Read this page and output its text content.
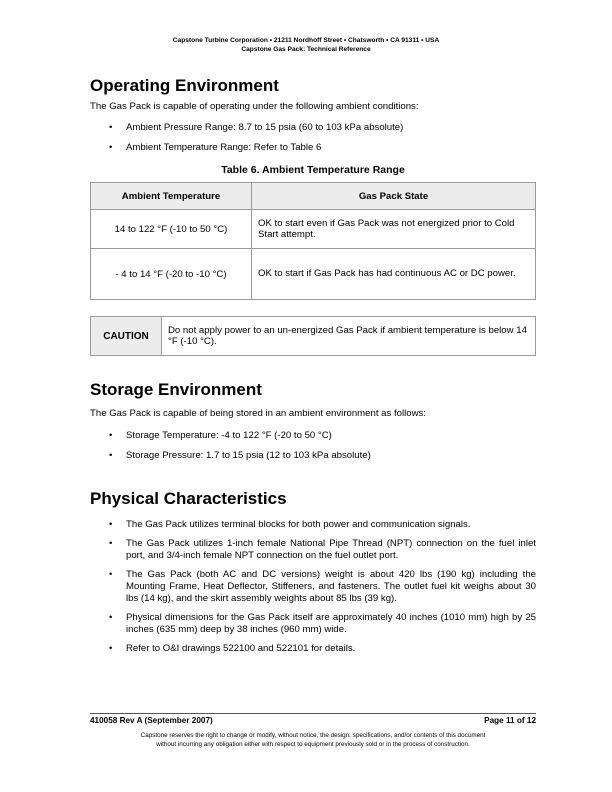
Capstone Turbine Corporation • 21211 Nordhoff Street • Chatsworth • CA 91311 • USA
Capstone Gas Pack: Technical Reference
Operating Environment

The Gas Pack is capable of operating under the following ambient conditions:

• Ambient Pressure Range: 8.7 to 15 psia (60 to 103 kPa absolute)
• Ambient Temperature Range: Refer to Table 6
Table 6. Ambient Temperature Range
Ambient Temperature	Gas Pack State
14 to 122 °F (-10 to 50 °C)	OK to start even if Gas Pack was not energized prior to Cold Start attempt.
- 4 to 14 °F (-20 to -10 °C)	OK to start if Gas Pack has had continuous AC or DC power.
CAUTION	Do not apply power to an un-energized Gas Pack if ambient temperature is below 14 °F (-10 °C).
Storage Environment

The Gas Pack is capable of being stored in an ambient environment as follows:

• Storage Temperature: -4 to 122 °F (-20 to 50 °C)
• Storage Pressure: 1.7 to 15 psia (12 to 103 kPa absolute)
Physical Characteristics
• The Gas Pack utilizes terminal blocks for both power and communication signals.
• The Gas Pack utilizes 1-inch female National Pipe Thread (NPT) connection on the fuel inlet port, and 3/4-inch female NPT connection on the fuel outlet port.
• The Gas Pack (both AC and DC versions) weight is about 420 lbs (190 kg) including the Mounting Frame, Heat Deflector, Stiffeners, and fasteners. The outlet fuel kit weighs about 30 lbs (14 kg), and the skirt assembly weights about 85 lbs (39 kg).
• Physical dimensions for the Gas Pack itself are approximately 40 inches (1010 mm) high by 25 inches (635 mm) deep by 38 inches (960 mm) wide.
• Refer to O&I drawings 522100 and 522101 for details.
410058 Rev A (September 2007)	Page 11 of 12
Capstone reserves the right to change or modify, without notice, the design, specifications, and/or contents of this document
without incurring any obligation either with respect to equipment previously sold or in the process of construction.
